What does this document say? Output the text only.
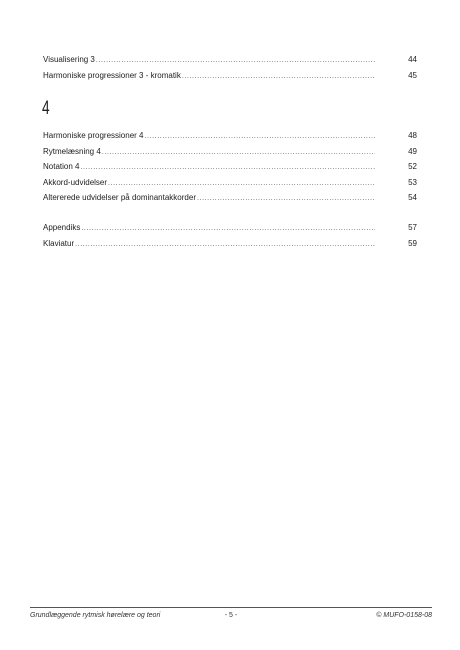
Visualisering 3 .....	44
Harmoniske progressioner 3 - kromatik .....	45
4
Harmoniske progressioner 4 .....	48
Rytmelæsning 4 .....	49
Notation 4 .....	52
Akkord-udvidelser .....	53
Altererede udvidelser på dominantakkorder .....	54
Appendiks .....	57
Klaviatur .....	59
Grundlæggende rytmisk hørelære og teori	- 5 -	© MUFO-0158-08
